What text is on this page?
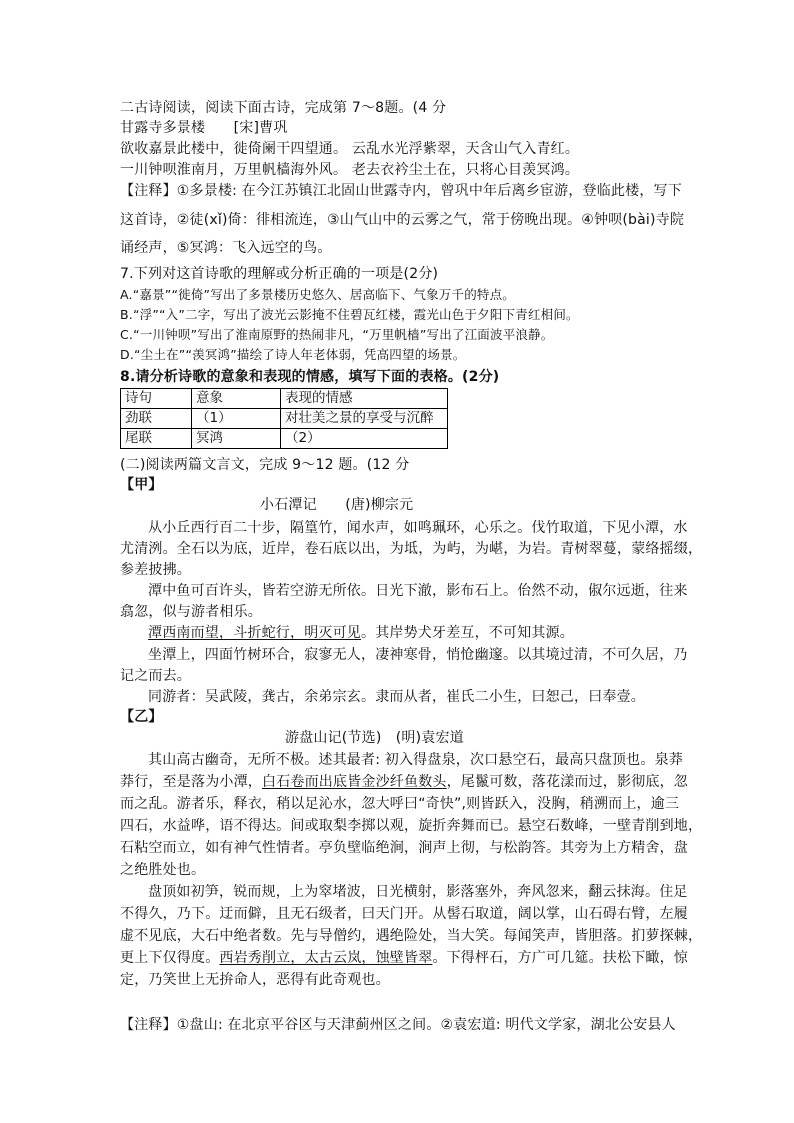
二古诗阅读，阅读下面古诗，完成第 7～8题。(4 分
甘露寺多景楼　　[宋]曹巩
欲收嘉景此楼中，徙倚阑干四望通。 云乱水光浮紫翠，天含山气入青红。
一川钟呗淮南月，万里帆樯海外风。 老去衣衿尘土在，只将心目羡冥鸿。
【注释】①多景楼: 在今江苏镇江北固山世露寺内，曾巩中年后离乡宦游，登临此楼，写下
这首诗，②徒(xǐ)倚：徘相流连，③山气山中的云雾之气，常于傍晚出现。④钟呗(bài)寺院
诵经声，⑤冥鸿：飞入远空的鸟。
7.下列对这首诗歌的理解或分析正确的一项是(2分)
A.“嘉景”“徙倚”写出了多景楼历史悠久、居高临下、气象万千的特点。
B.“浮”“入”二字，写出了波光云影掩不住碧瓦红楼，霞光山色于夕阳下青红相间。
C.“一川钟呗”写出了淮南原野的热闹非凡，“万里帆樯”写出了江面波平浪静。
D.“尘土在”“羡冥鸿”描绘了诗人年老体弱，凭高四望的场景。
8.请分析诗歌的意象和表现的情感，填写下面的表格。(2分)
诗句	意象	表现的情感
劲联	（1）	对壮美之景的享受与沉醉
尾联	冥鸿	（2）
(二)阅读两篇文言文，完成 9～12 题。(12 分
【甲】
小石潭记　　(唐)柳宗元
从小丘西行百二十步，隔篁竹，闻水声，如鸣珮环，心乐之。伐竹取道，下见小潭，水
尤清洌。全石以为底，近岸，卷石底以出，为坻，为屿，为嵁，为岩。青树翠蔓，蒙络摇缀，
参差披拂。
潭中鱼可百许头，皆若空游无所依。日光下澈，影布石上。佁然不动，俶尔远逝，往来
翕忽，似与游者相乐。
潭西南而望，斗折蛇行，明灭可见。其岸势犬牙差互，不可知其源。
坐潭上，四面竹树环合，寂寥无人，凄神寒骨，悄怆幽邃。以其境过清，不可久居，乃
记之而去。
同游者：吴武陵，龚古，余弟宗玄。隶而从者，崔氏二小生，曰恕己，曰奉壹。
【乙】
游盘山记(节选)　(明)袁宏道
其山高古幽奇，无所不极。述其最者: 初入得盘泉，次口悬空石，最高只盘顶也。泉莽
莽行，至是落为小潭，白石卷而出底皆金沙纤鱼数头，尾鬣可数，落花漾而过，影彻底，忽
而之乱。游者乐，释衣，稍以足沁水，忽大呼曰“奇快”,则皆跃入，没胸，稍溯而上，逾三
四石，水益哗，语不得达。间或取梨李掷以观，旋折奔舞而已。悬空石数峰，一壁青削到地，
石粘空而立，如有神气性情者。亭负壁临绝涧，涧声上彻，与松韵答。其旁为上方精舍，盘
之绝胜处也。
盘顶如初笋，锐而规，上为窣堵波，日光横射，影落塞外，奔风忽来，翻云抹海。住足
不得久，乃下。迂而僻，且无石级者，曰天门开。从髻石取道，阔以掌，山石碍右臂，左履
虚不见底，大石中绝者数。先与导僧约，遇绝险处，当大笑。每闻笑声，皆胆落。扪萝探棘，
更上下仅得度。西岩秀削立，太古云岚，蚀壁皆翠。下得枰石，方广可几筵。扶松下瞰，惊
定，乃笑世上无拚命人，恶得有此奇观也。
【注释】①盘山: 在北京平谷区与天津蓟州区之间。②袁宏道: 明代文学家，湖北公安县人
